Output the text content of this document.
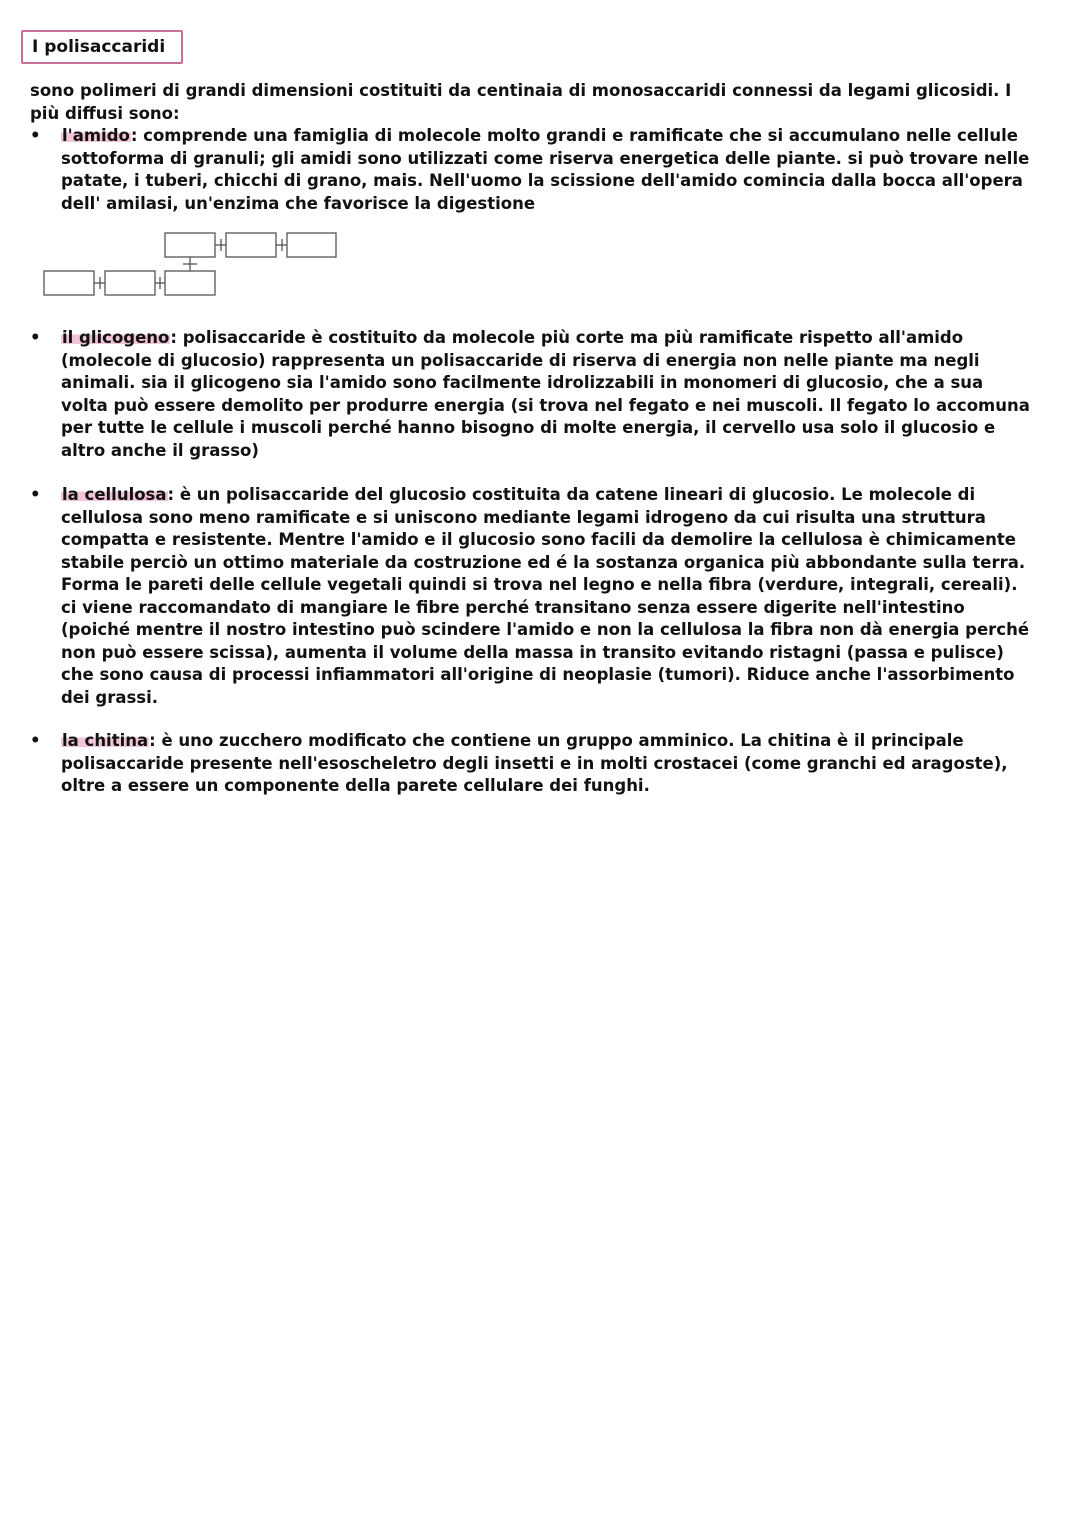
I polisaccaridi

sono polimeri di grandi dimensioni costituiti da centinaia di monosaccaridi connessi da legami glicosidi. I più diffusi sono:

• l'amido: comprende una famiglia di molecole molto grandi e ramificate che si accumulano nelle cellule sottoforma di granuli; gli amidi sono utilizzati come riserva energetica delle piante. si può trovare nelle patate, i tuberi, chicchi di grano, mais. Nell'uomo la scissione dell'amido comincia dalla bocca all'opera dell' amilasi, un'enzima che favorisce la digestione

• il glicogeno: polisaccaride è costituito da molecole più corte ma più ramificate rispetto all'amido (molecole di glucosio) rappresenta un polisaccaride di riserva di energia non nelle piante ma negli animali. sia il glicogeno sia l'amido sono facilmente idrolizzabili in monomeri di glucosio, che a sua volta può essere demolito per produrre energia (si trova nel fegato e nei muscoli. Il fegato lo accomuna per tutte le cellule i muscoli perché hanno bisogno di molte energia, il cervello usa solo il glucosio e altro anche il grasso)

• la cellulosa: è un polisaccaride del glucosio costituita da catene lineari di glucosio. Le molecole di cellulosa sono meno ramificate e si uniscono mediante legami idrogeno da cui risulta una struttura compatta e resistente. Mentre l'amido e il glucosio sono facili da demolire la cellulosa è chimicamente stabile perciò un ottimo materiale da costruzione ed é la sostanza organica più abbondante sulla terra. Forma le pareti delle cellule vegetali quindi si trova nel legno e nella fibra (verdure, integrali, cereali). ci viene raccomandato di mangiare le fibre perché transitano senza essere digerite nell'intestino (poiché mentre il nostro intestino può scindere l'amido e non la cellulosa la fibra non dà energia perché non può essere scissa), aumenta il volume della massa in transito evitando ristagni (passa e pulisce) che sono causa di processi infiammatori all'origine di neoplasie (tumori). Riduce anche l'assorbimento dei grassi.

• la chitina: è uno zucchero modificato che contiene un gruppo amminico. La chitina è il principale polisaccaride presente nell'esoscheletro degli insetti e in molti crostacei (come granchi ed aragoste), oltre a essere un componente della parete cellulare dei funghi.
